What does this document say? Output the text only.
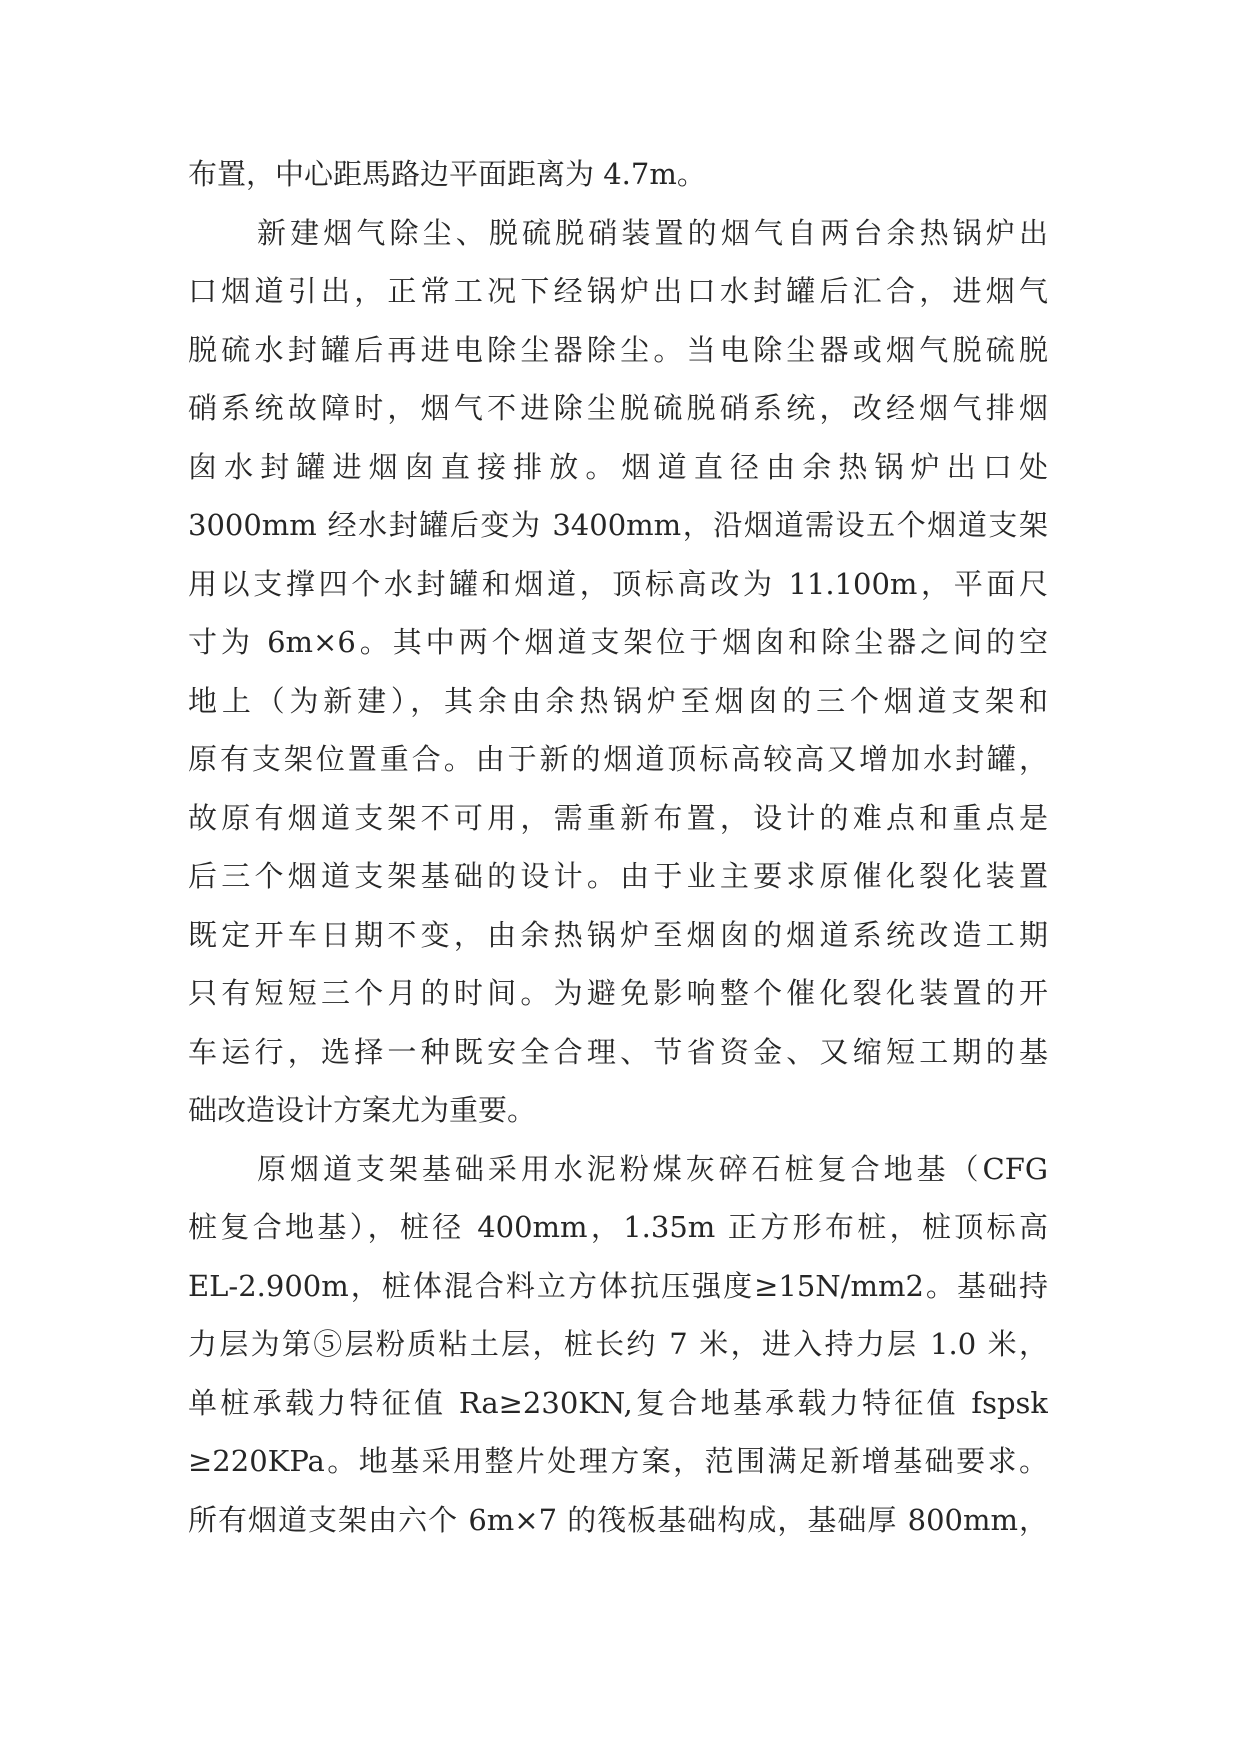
布置，中心距馬路边平面距离为 4.7m。
新建烟气除尘、脱硫脱硝装置的烟气自两台余热锅炉出
口烟道引出，正常工况下经锅炉出口水封罐后汇合，进烟气
脱硫水封罐后再进电除尘器除尘。当电除尘器或烟气脱硫脱
硝系统故障时，烟气不进除尘脱硫脱硝系统，改经烟气排烟
囱水封罐进烟囱直接排放。烟道直径由余热锅炉出口处
3000mm 经水封罐后变为 3400mm，沿烟道需设五个烟道支架
用以支撑四个水封罐和烟道，顶标高改为 11.100m，平面尺
寸为 6m×6。其中两个烟道支架位于烟囱和除尘器之间的空
地上（为新建），其余由余热锅炉至烟囱的三个烟道支架和
原有支架位置重合。由于新的烟道顶标高较高又增加水封罐，
故原有烟道支架不可用，需重新布置，设计的难点和重点是
后三个烟道支架基础的设计。由于业主要求原催化裂化装置
既定开车日期不变，由余热锅炉至烟囱的烟道系统改造工期
只有短短三个月的时间。为避免影响整个催化裂化装置的开
车运行，选择一种既安全合理、节省资金、又缩短工期的基
础改造设计方案尤为重要。
原烟道支架基础采用水泥粉煤灰碎石桩复合地基（CFG
桩复合地基），桩径 400mm，1.35m 正方形布桩，桩顶标高
EL-2.900m，桩体混合料立方体抗压强度≥15N/mm2。基础持
力层为第⑤层粉质粘土层，桩长约 7 米，进入持力层 1.0 米，
单桩承载力特征值 Ra≥230KN,复合地基承载力特征值 fspsk
≥220KPa。地基采用整片处理方案，范围满足新增基础要求。
所有烟道支架由六个 6m×7 的筏板基础构成，基础厚 800mm，
